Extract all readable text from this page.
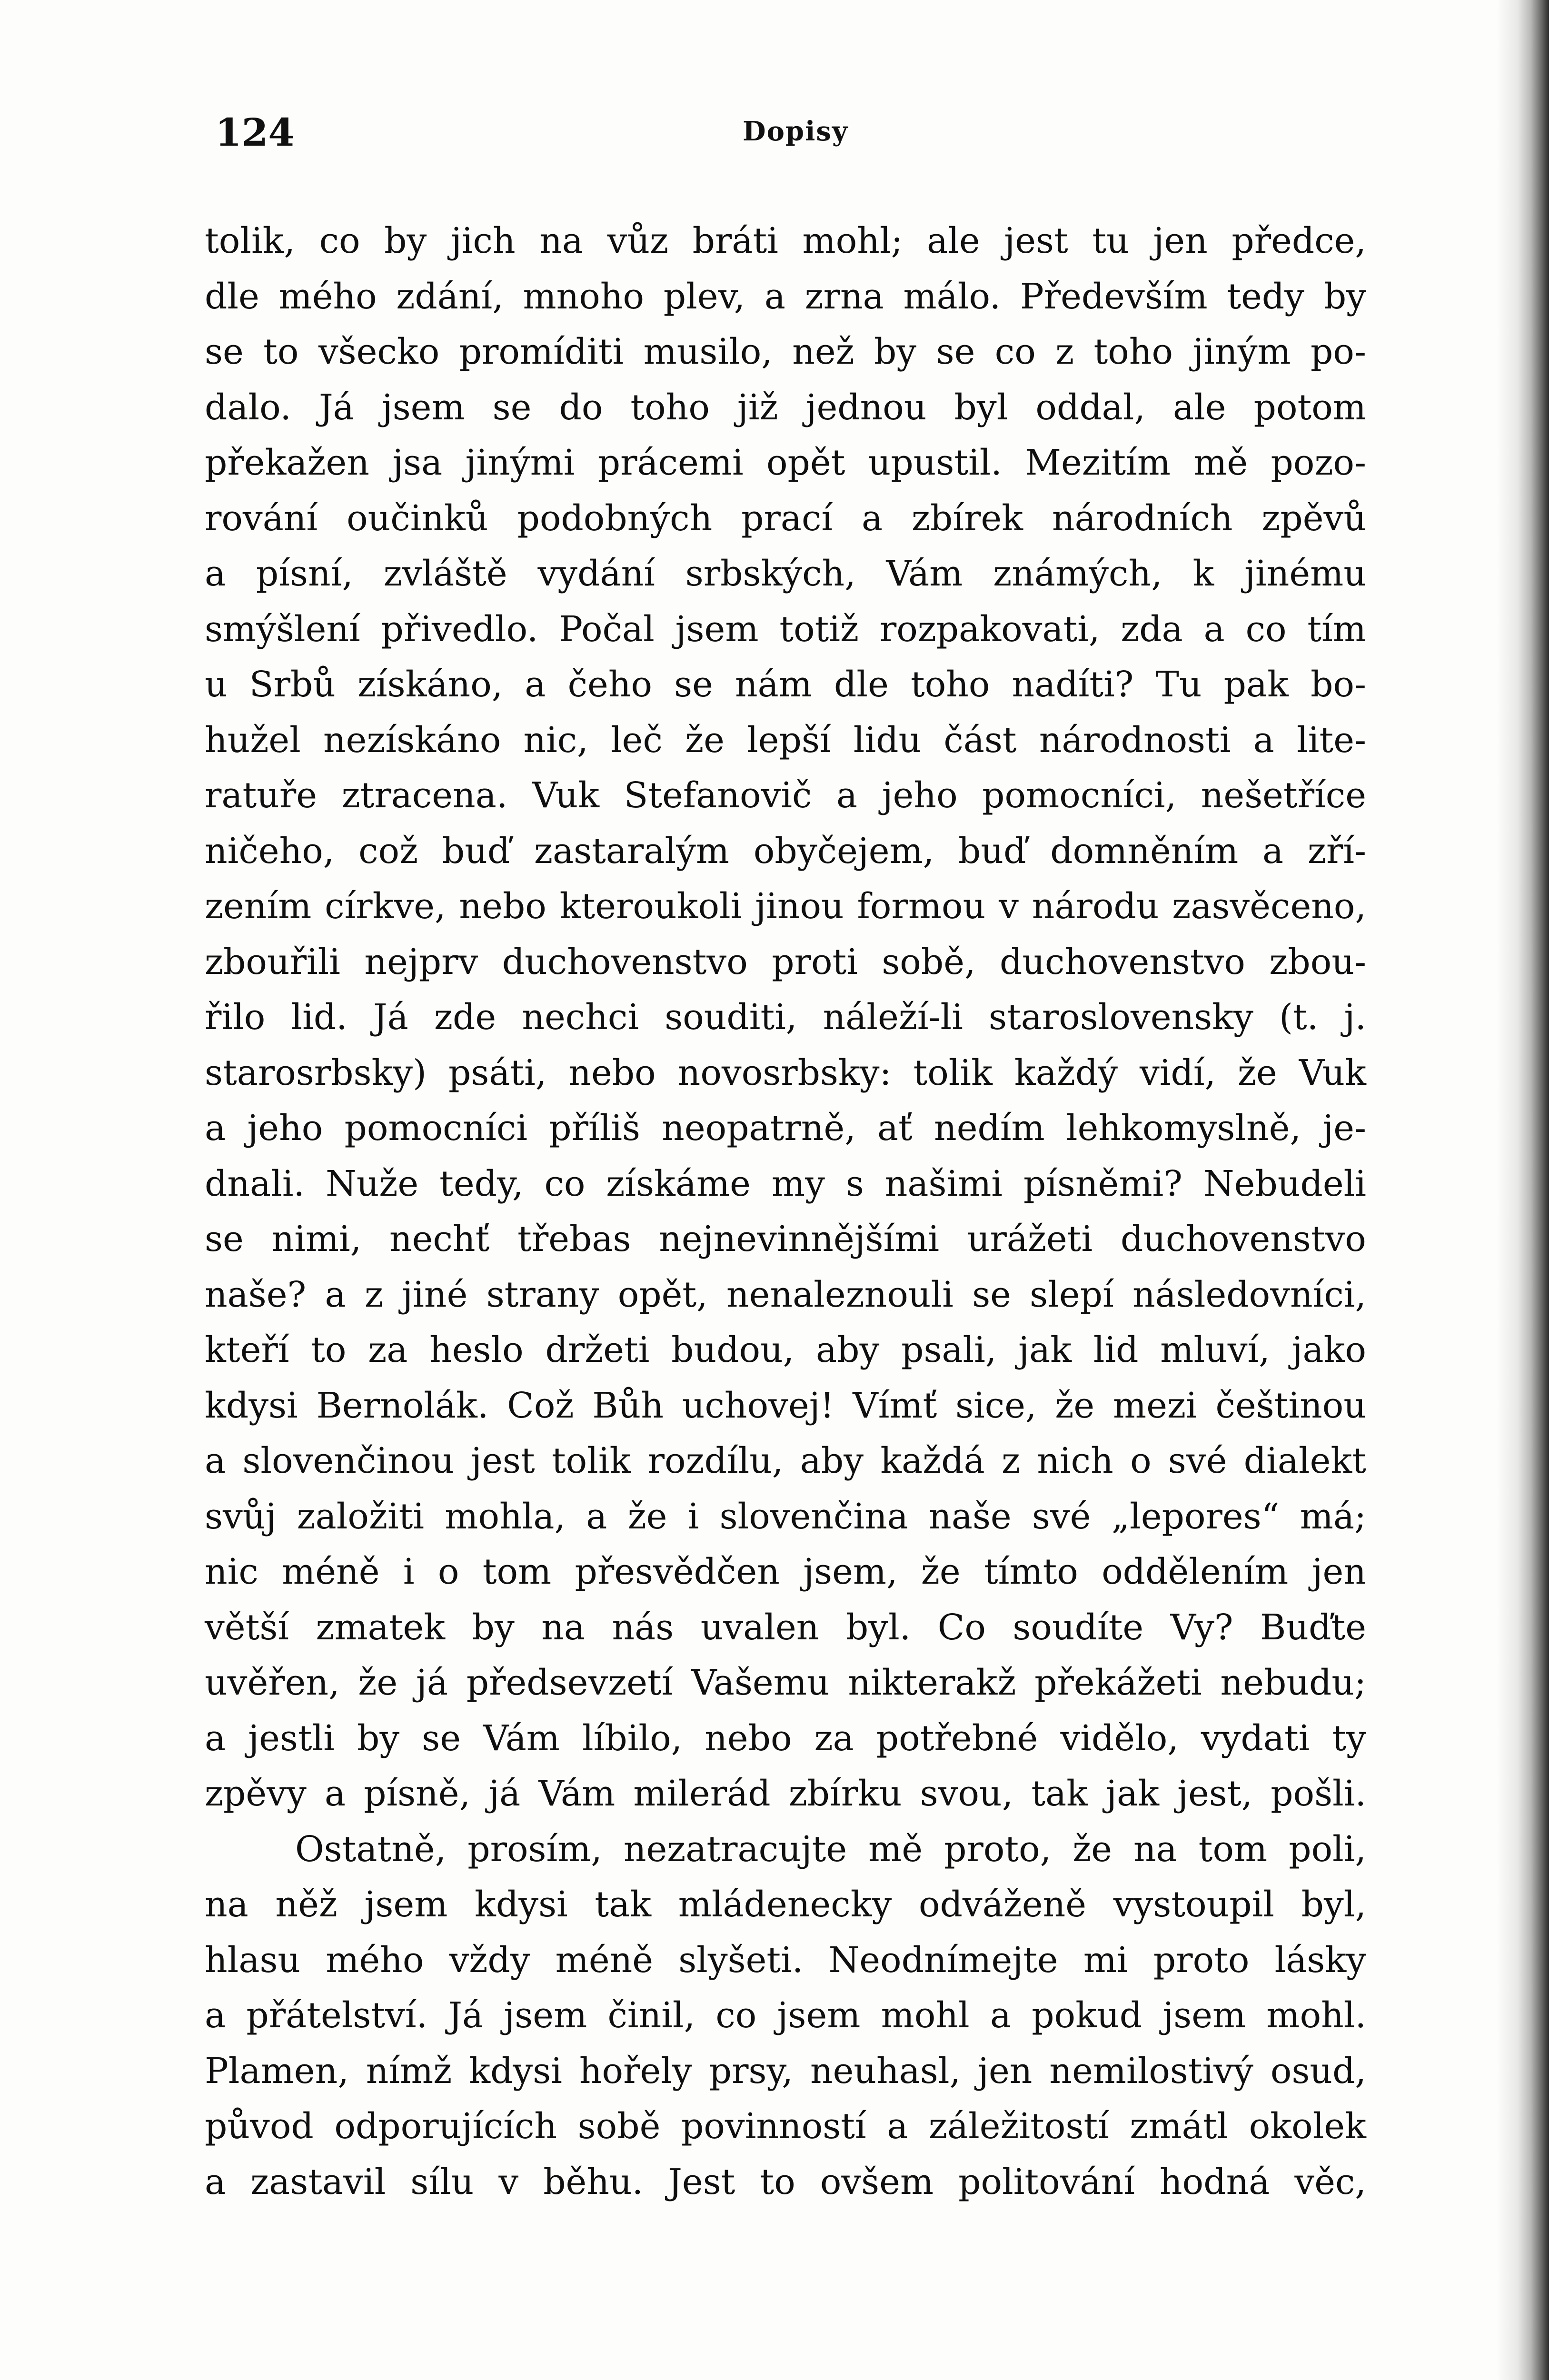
124	Dopisy
tolik, co by jich na vůz bráti mohl; ale jest tu jen předce,
dle mého zdání, mnoho plev, a zrna málo. Především tedy by
se to všecko promíditi musilo, než by se co z toho jiným po-
dalo. Já jsem se do toho již jednou byl oddal, ale potom
překažen jsa jinými prácemi opět upustil. Mezitím mě pozo-
rování oučinků podobných prací a zbírek národních zpěvů
a písní, zvláště vydání srbských, Vám známých, k jinému
smýšlení přivedlo. Počal jsem totiž rozpakovati, zda a co tím
u Srbů získáno, a čeho se nám dle toho nadíti? Tu pak bo-
hužel nezískáno nic, leč že lepší lidu část národnosti a lite-
ratuře ztracena. Vuk Stefanovič a jeho pomocníci, nešetříce
ničeho, což buď zastaralým obyčejem, buď domněním a zří-
zením církve, nebo kteroukoli jinou formou v národu zasvěceno,
zbouřili nejprv duchovenstvo proti sobě, duchovenstvo zbou-
řilo lid. Já zde nechci souditi, náleží-li staroslovensky (t. j.
starosrbsky) psáti, nebo novosrbsky: tolik každý vidí, že Vuk
a jeho pomocníci příliš neopatrně, ať nedím lehkomyslně, je-
dnali. Nuže tedy, co získáme my s našimi písněmi? Nebudeli
se nimi, nechť třebas nejnevinnějšími urážeti duchovenstvo
naše? a z jiné strany opět, nenaleznouli se slepí následovníci,
kteří to za heslo držeti budou, aby psali, jak lid mluví, jako
kdysi Bernolák. Což Bůh uchovej! Vímť sice, že mezi češtinou
a slovenčinou jest tolik rozdílu, aby každá z nich o své dialekt
svůj založiti mohla, a že i slovenčina naše své „lepores“ má;
nic méně i o tom přesvědčen jsem, že tímto oddělením jen
větší zmatek by na nás uvalen byl. Co soudíte Vy? Buďte
uvěřen, že já předsevzetí Vašemu nikterakž překážeti nebudu;
a jestli by se Vám líbilo, nebo za potřebné vidělo, vydati ty
zpěvy a písně, já Vám milerád zbírku svou, tak jak jest, pošli.
Ostatně, prosím, nezatracujte mě proto, že na tom poli,
na něž jsem kdysi tak mládenecky odváženě vystoupil byl,
hlasu mého vždy méně slyšeti. Neodnímejte mi proto lásky
a přátelství. Já jsem činil, co jsem mohl a pokud jsem mohl.
Plamen, nímž kdysi hořely prsy, neuhasl, jen nemilostivý osud,
původ odporujících sobě povinností a záležitostí zmátl okolek
a zastavil sílu v běhu. Jest to ovšem politování hodná věc,
